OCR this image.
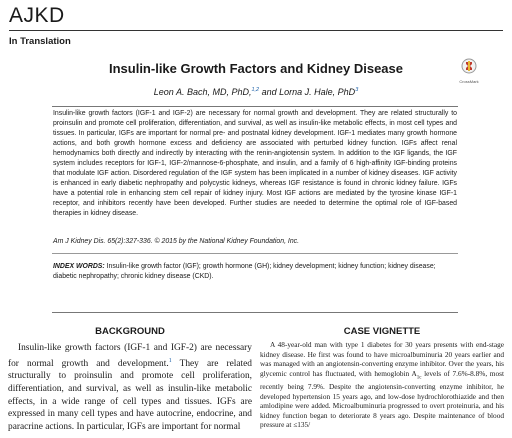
AJKD
In Translation
Insulin-like Growth Factors and Kidney Disease
CrossMark
Leon A. Bach, MD, PhD,$^{1,2}$ and Lorna J. Hale, PhD$^3$

Insulin-like growth factors (IGF-1 and IGF-2) are necessary for normal growth and development. They are related structurally to proinsulin and promote cell proliferation, differentiation, and survival, as well as insulin-like metabolic effects, in most cell types and tissues. In particular, IGFs are important for normal pre- and postnatal kidney development. IGF-1 mediates many growth hormone actions, and both growth hormone excess and deficiency are associated with perturbed kidney function. IGFs affect renal hemodynamics both directly and indirectly by interacting with the renin-angiotensin system. In addition to the IGF ligands, the IGF system includes receptors for IGF-1, IGF-2/mannose-6-phosphate, and insulin, and a family of 6 high-affinity IGF-binding proteins that modulate IGF action. Disordered regulation of the IGF system has been implicated in a number of kidney diseases. IGF activity is enhanced in early diabetic nephropathy and polycystic kidneys, whereas IGF resistance is found in chronic kidney failure. IGFs have a potential role in enhancing stem cell repair of kidney injury. Most IGF actions are mediated by the tyrosine kinase IGF-1 receptor, and inhibitors recently have been developed. Further studies are needed to determine the optimal role of IGF-based therapies in kidney disease.

Am J Kidney Dis. 65(2):327-336. © 2015 by the National Kidney Foundation, Inc.

INDEX WORDS: Insulin-like growth factor (IGF); growth hormone (GH); kidney development; kidney function; kidney disease; diabetic nephropathy; chronic kidney disease (CKD).

BACKGROUND

Insulin-like growth factors (IGF-1 and IGF-2) are necessary for normal growth and development.$^1$ They are related structurally to proinsulin and promote cell proliferation, differentiation, and survival, as well as insulin-like metabolic effects, in a wide range of cell types and tissues. IGFs are expressed in many cell types and have autocrine, endocrine, and paracrine actions. In particular, IGFs are important for normal

CASE VIGNETTE

A 48-year-old man with type 1 diabetes for 30 years presents with end-stage kidney disease. He first was found to have microalbuminuria 20 years earlier and was managed with an angiotensin-converting enzyme inhibitor. Over the years, his glycemic control has fluctuated, with hemoglobin $A_{1c}$ levels of 7.6%-8.8%, most recently being 7.9%. Despite the angiotensin-converting enzyme inhibitor, he developed hypertension 15 years ago, and low-dose hydrochlorothiazide and then amlodipine were added. Microalbuminuria progressed to overt proteinuria, and his kidney function began to deteriorate 8 years ago. Despite maintenance of blood pressure at ≤135/
